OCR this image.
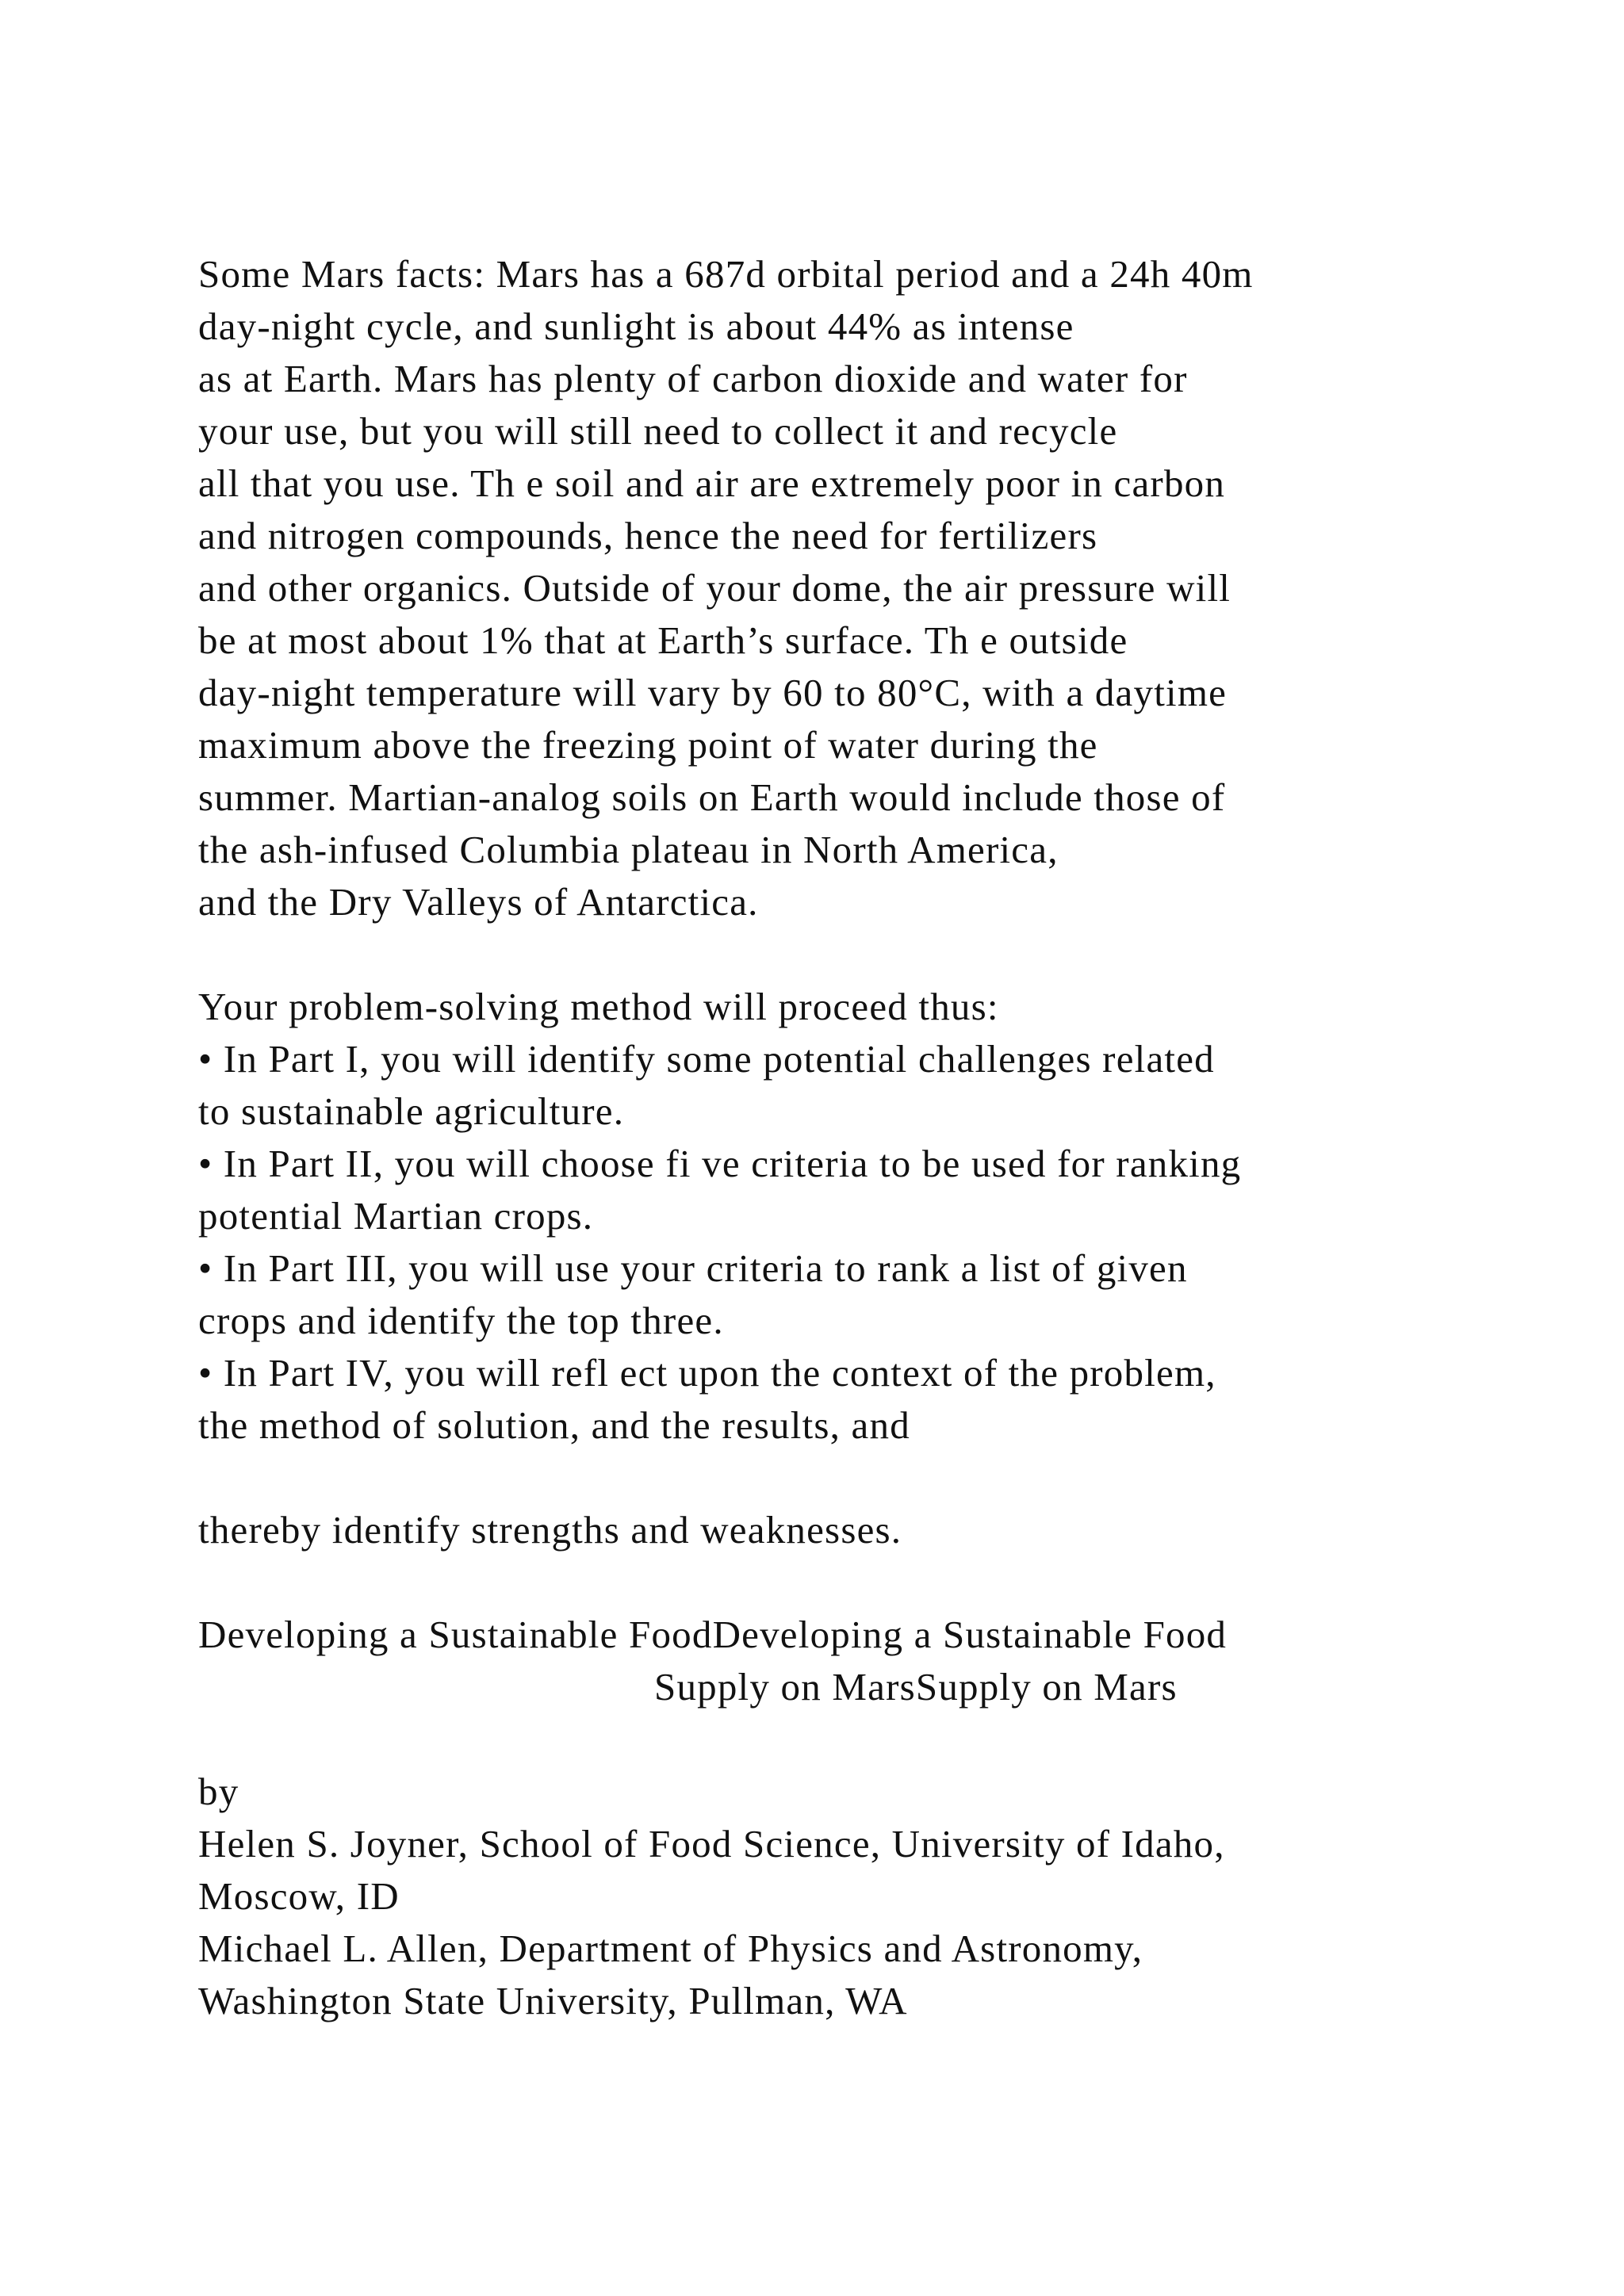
Some Mars facts: Mars has a 687d orbital period and a 24h 40m
day-night cycle, and sunlight is about 44% as intense
as at Earth. Mars has plenty of carbon dioxide and water for
your use, but you will still need to collect it and recycle
all that you use. Th e soil and air are extremely poor in carbon
and nitrogen compounds, hence the need for fertilizers
and other organics. Outside of your dome, the air pressure will
be at most about 1% that at Earth’s surface. Th e outside
day-night temperature will vary by 60 to 80°C, with a daytime
maximum above the freezing point of water during the
summer. Martian-analog soils on Earth would include those of
the ash-infused Columbia plateau in North America,
and the Dry Valleys of Antarctica.
Your problem-solving method will proceed thus:
• In Part I, you will identify some potential challenges related
to sustainable agriculture.
• In Part II, you will choose fi ve criteria to be used for ranking
potential Martian crops.
• In Part III, you will use your criteria to rank a list of given
crops and identify the top three.
• In Part IV, you will refl ect upon the context of the problem,
the method of solution, and the results, and
thereby identify strengths and weaknesses.
Developing a Sustainable FoodDeveloping a Sustainable Food
Supply on MarsSupply on Mars
by
Helen S. Joyner, School of Food Science, University of Idaho,
Moscow, ID
Michael L. Allen, Department of Physics and Astronomy,
Washington State University, Pullman, WA
